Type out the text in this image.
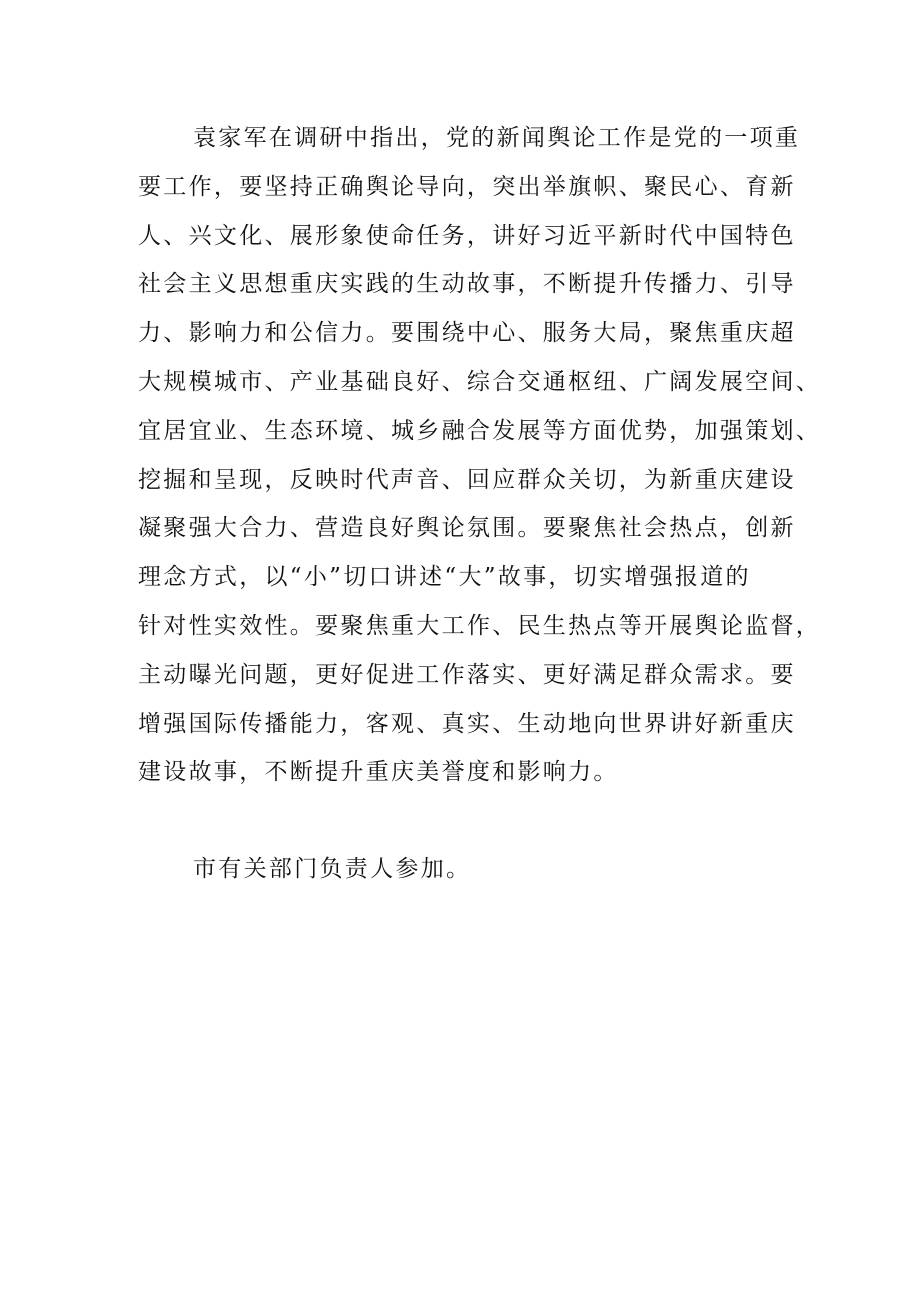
袁家军在调研中指出，党的新闻舆论工作是党的一项重
要工作，要坚持正确舆论导向，突出举旗帜、聚民心、育新
人、兴文化、展形象使命任务，讲好习近平新时代中国特色
社会主义思想重庆实践的生动故事，不断提升传播力、引导
力、影响力和公信力。要围绕中心、服务大局，聚焦重庆超
大规模城市、产业基础良好、综合交通枢纽、广阔发展空间、
宜居宜业、生态环境、城乡融合发展等方面优势，加强策划、
挖掘和呈现，反映时代声音、回应群众关切，为新重庆建设
凝聚强大合力、营造良好舆论氛围。要聚焦社会热点，创新
理念方式，以“小”切口讲述“大”故事，切实增强报道的
针对性实效性。要聚焦重大工作、民生热点等开展舆论监督，
主动曝光问题，更好促进工作落实、更好满足群众需求。要
增强国际传播能力，客观、真实、生动地向世界讲好新重庆
建设故事，不断提升重庆美誉度和影响力。
市有关部门负责人参加。
